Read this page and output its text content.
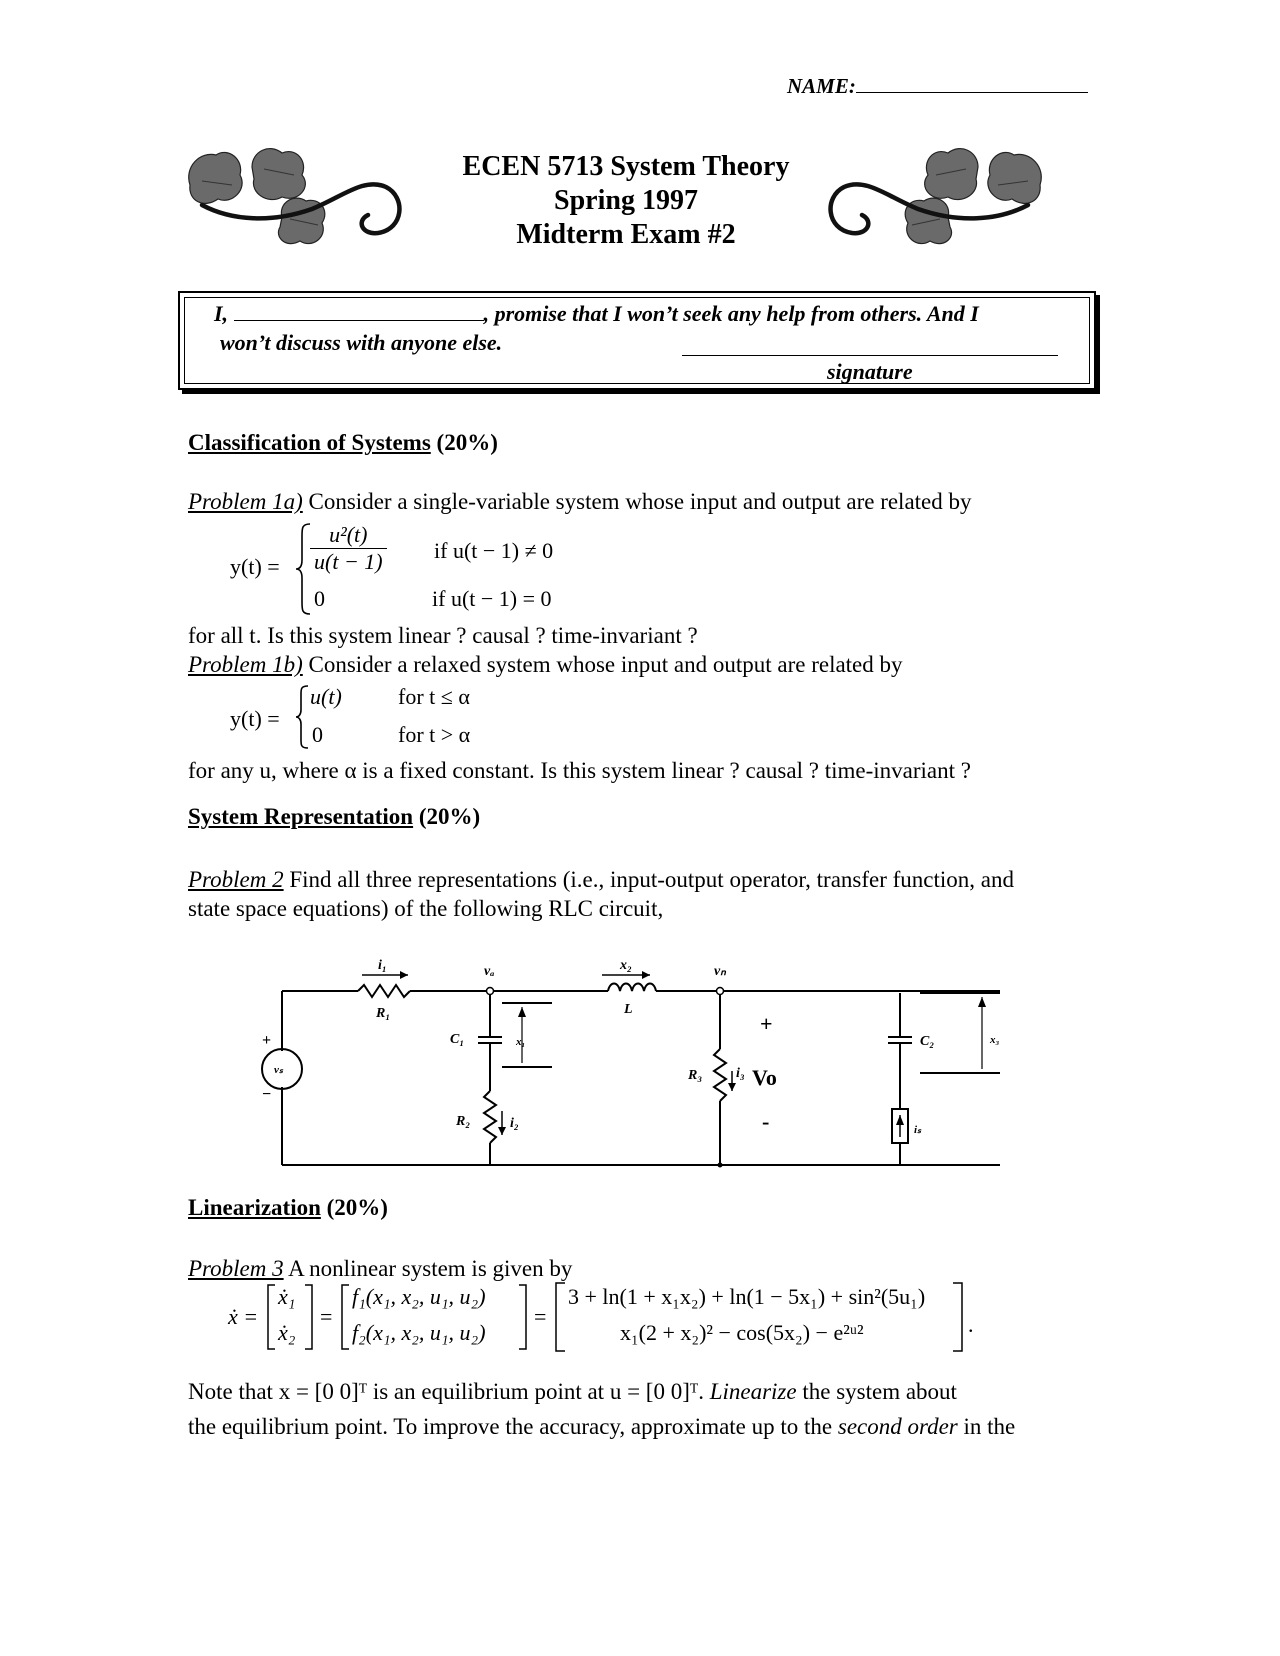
NAME:
ECEN 5713 System Theory
Spring 1997
Midterm Exam #2
I,	, promise that I won’t seek any help from others. And I
won’t discuss with anyone else.
signature
Classification of Systems (20%)
Problem 1a) Consider a single-variable system whose input and output are related by
$y(t) = \frac{\text{u²(t)}}{u(t - 1)}$ if u(t − 1) ≠ 0
0	if u(t − 1) = 0
for all t. Is this system linear ? causal ? time-invariant ?
Problem 1b) Consider a relaxed system whose input and output are related by
y(t) =
u(t)	for t ≤ α
0	for t > α
for any u, where α is a fixed constant. Is this system linear ? causal ? time-invariant ?
System Representation (20%)
Problem 2 Find all three representations (i.e., input-output operator, transfer function, and
state space equations) of the following RLC circuit,
i₁
R₁
vₐ	x₂
L
vₙ
C₁	x₁
R₂	i₂
vₛ	R₃ i₃ Vo
+
-
C₂	x₃
iₛ
+
−
Linearization (20%)
Problem 3 A nonlinear system is given by
ẋ =
ẋ₁
ẋ₂
=
f₁(x₁, x₂, u₁, u₂)
f₂(x₁, x₂, u₁, u₂)
=
3 + ln(1 + x₁x₂) + ln(1 − 5x₁) + sin²(5u₁)
x₁(2 + x₂)² − cos(5x₂) − e²ᵘ²	.
Note that x = [0 0]ᵀ is an equilibrium point at u = [0 0]ᵀ. Linearize the system about
the equilibrium point. To improve the accuracy, approximate up to the second order in the
